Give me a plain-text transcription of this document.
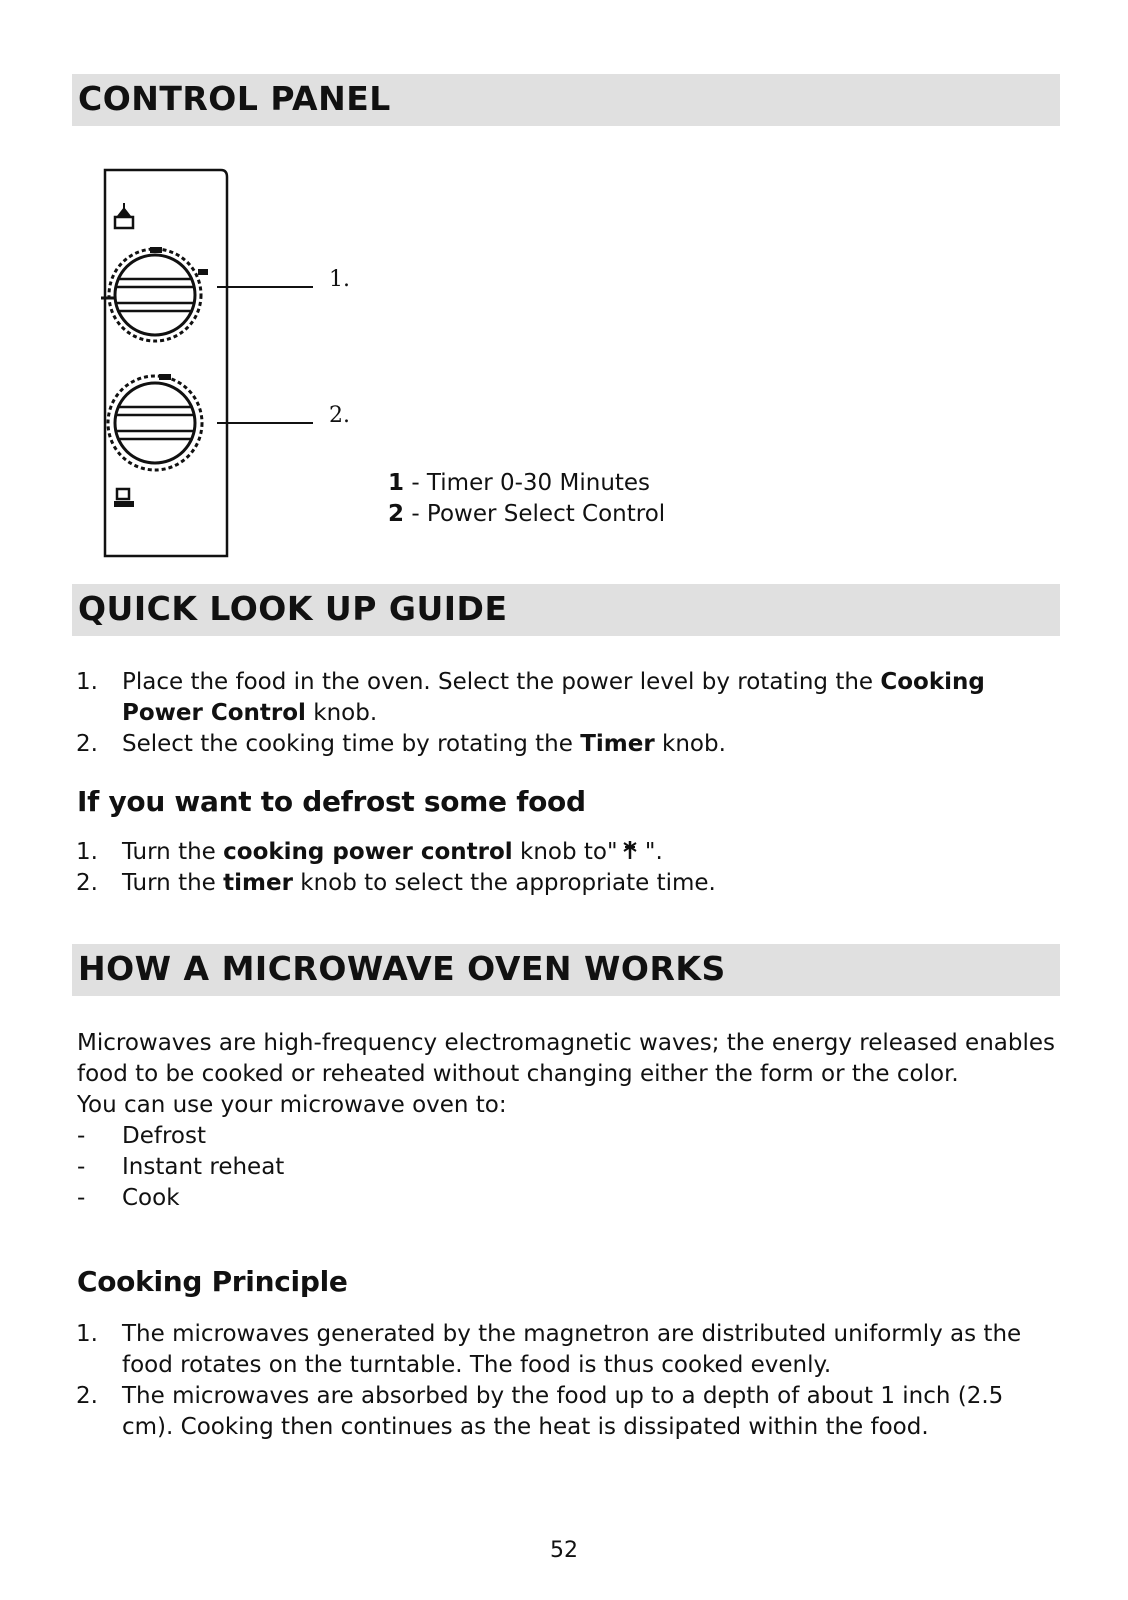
CONTROL PANEL
1.
2.
1 - Timer 0-30 Minutes
2 - Power Select Control
QUICK LOOK UP GUIDE
1. Place the food in the oven. Select the power level by rotating the Cooking Power Control knob.
2. Select the cooking time by rotating the Timer knob.
If you want to defrost some food
1. Turn the cooking power control knob to" ".
2. Turn the timer knob to select the appropriate time.
HOW A MICROWAVE OVEN WORKS
Microwaves are high-frequency electromagnetic waves; the energy released enables food to be cooked or reheated without changing either the form or the color.
You can use your microwave oven to:
- Defrost
- Instant reheat
- Cook
Cooking Principle
1. The microwaves generated by the magnetron are distributed uniformly as the food rotates on the turntable. The food is thus cooked evenly.
2. The microwaves are absorbed by the food up to a depth of about 1 inch (2.5 cm). Cooking then continues as the heat is dissipated within the food.
52
